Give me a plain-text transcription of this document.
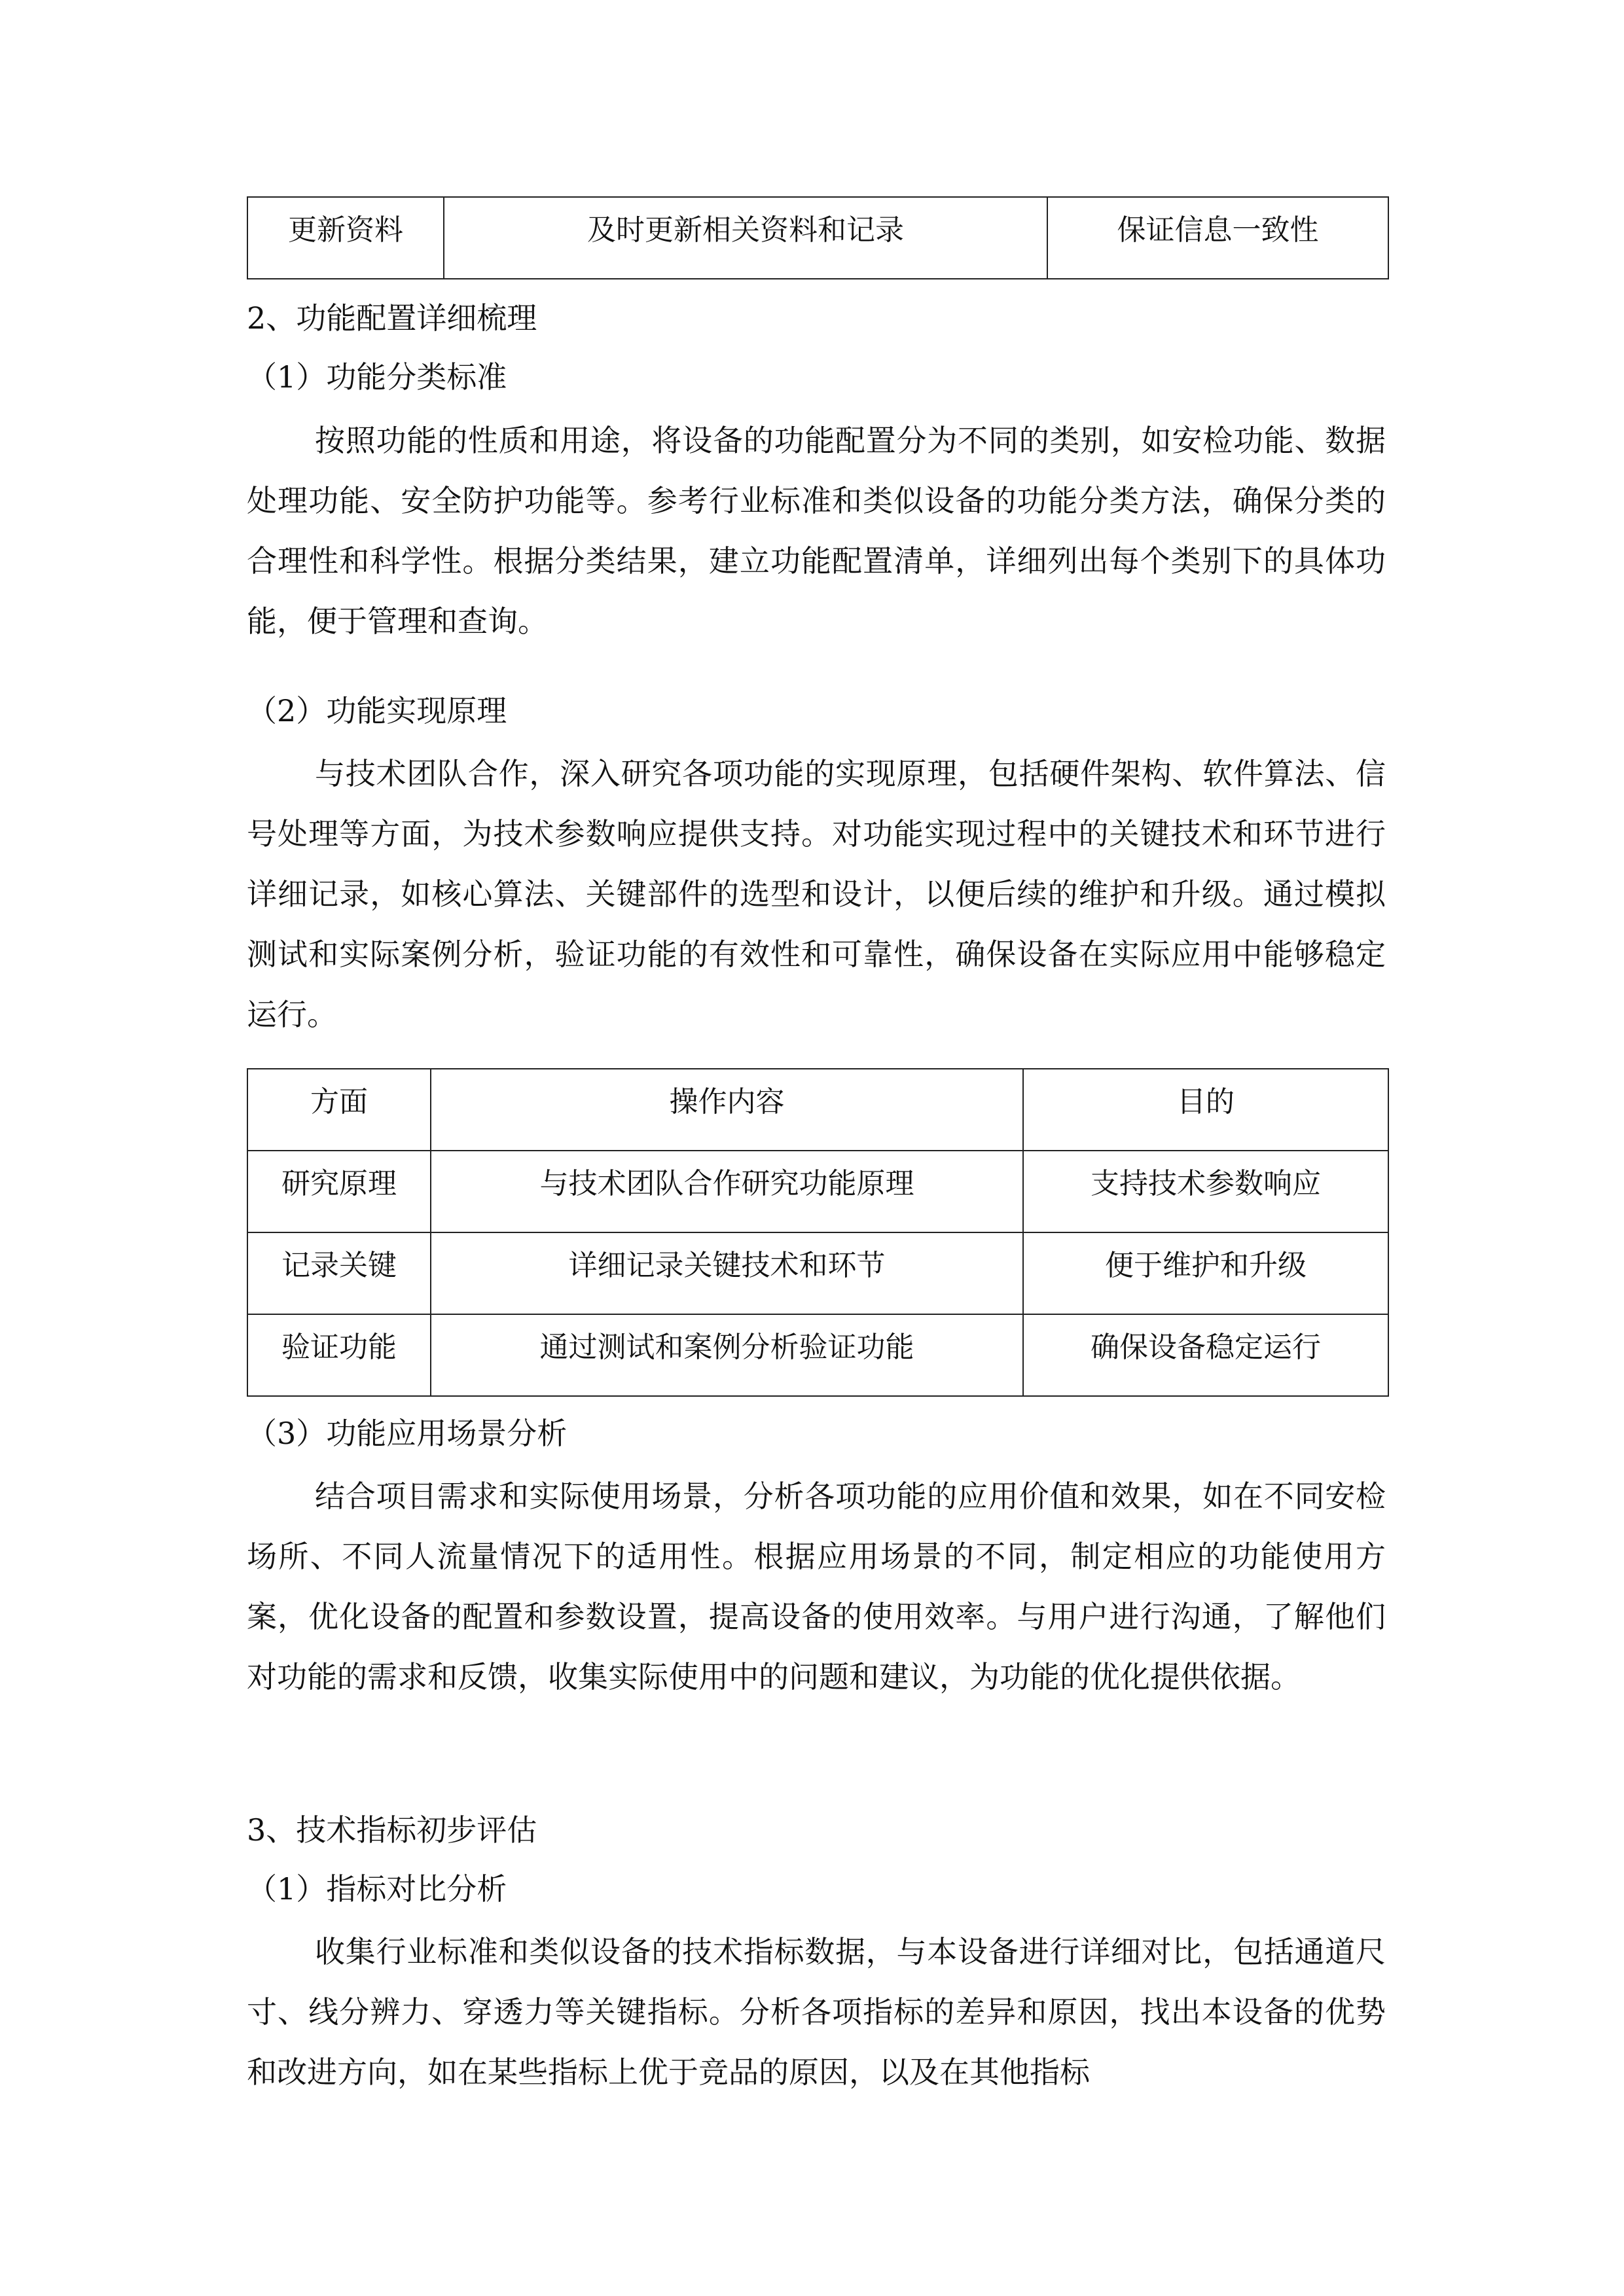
更新资料	及时更新相关资料和记录	保证信息一致性
2、功能配置详细梳理
（1）功能分类标准
按照功能的性质和用途，将设备的功能配置分为不同的类别，如安检功能、数据处理功能、安全防护功能等。参考行业标准和类似设备的功能分类方法，确保分类的合理性和科学性。根据分类结果，建立功能配置清单，详细列出每个类别下的具体功能，便于管理和查询。
（2）功能实现原理
与技术团队合作，深入研究各项功能的实现原理，包括硬件架构、软件算法、信号处理等方面，为技术参数响应提供支持。对功能实现过程中的关键技术和环节进行详细记录，如核心算法、关键部件的选型和设计，以便后续的维护和升级。通过模拟测试和实际案例分析，验证功能的有效性和可靠性，确保设备在实际应用中能够稳定运行。
方面	操作内容	目的
研究原理	与技术团队合作研究功能原理	支持技术参数响应
记录关键	详细记录关键技术和环节	便于维护和升级
验证功能	通过测试和案例分析验证功能	确保设备稳定运行
（3）功能应用场景分析
结合项目需求和实际使用场景，分析各项功能的应用价值和效果，如在不同安检场所、不同人流量情况下的适用性。根据应用场景的不同，制定相应的功能使用方案，优化设备的配置和参数设置，提高设备的使用效率。与用户进行沟通，了解他们对功能的需求和反馈，收集实际使用中的问题和建议，为功能的优化提供依据。
3、技术指标初步评估
（1）指标对比分析
收集行业标准和类似设备的技术指标数据，与本设备进行详细对比，包括通道尺寸、线分辨力、穿透力等关键指标。分析各项指标的差异和原因，找出本设备的优势和改进方向，如在某些指标上优于竞品的原因，以及在其他指标
